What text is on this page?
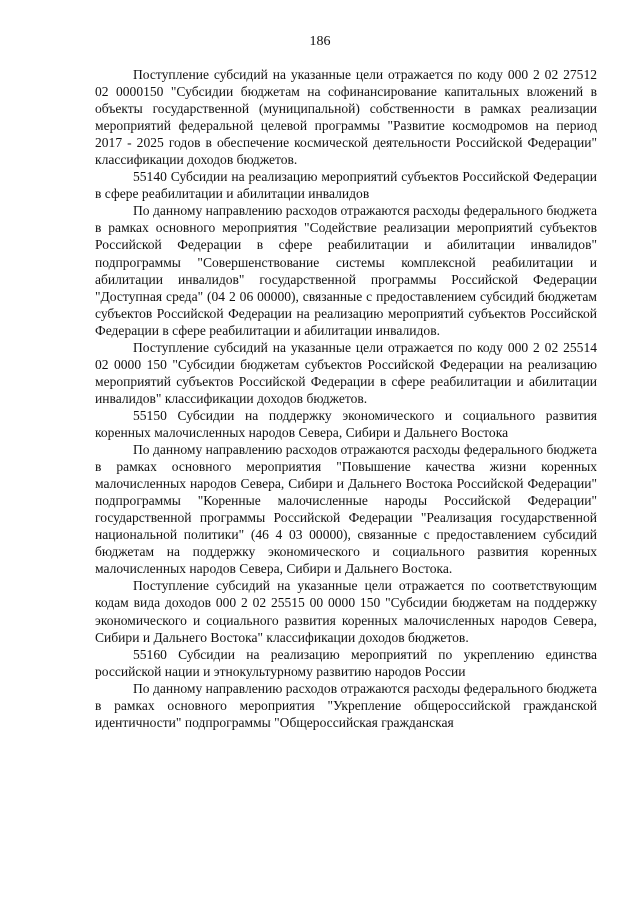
186

Поступление субсидий на указанные цели отражается по коду 000 2 02 27512 02 0000150 "Субсидии бюджетам на софинансирование капитальных вложений в объекты государственной (муниципальной) собственности в рамках реализации мероприятий федеральной целевой программы "Развитие космодромов на период 2017 - 2025 годов в обеспечение космической деятельности Российской Федерации" классификации доходов бюджетов.

55140 Субсидии на реализацию мероприятий субъектов Российской Федерации в сфере реабилитации и абилитации инвалидов

По данному направлению расходов отражаются расходы федерального бюджета в рамках основного мероприятия "Содействие реализации мероприятий субъектов Российской Федерации в сфере реабилитации и абилитации инвалидов" подпрограммы "Совершенствование системы комплексной реабилитации и абилитации инвалидов" государственной программы Российской Федерации "Доступная среда" (04 2 06 00000), связанные с предоставлением субсидий бюджетам субъектов Российской Федерации на реализацию мероприятий субъектов Российской Федерации в сфере реабилитации и абилитации инвалидов.

Поступление субсидий на указанные цели отражается по коду 000 2 02 25514 02 0000 150 "Субсидии бюджетам субъектов Российской Федерации на реализацию мероприятий субъектов Российской Федерации в сфере реабилитации и абилитации инвалидов" классификации доходов бюджетов.

55150 Субсидии на поддержку экономического и социального развития коренных малочисленных народов Севера, Сибири и Дальнего Востока

По данному направлению расходов отражаются расходы федерального бюджета в рамках основного мероприятия "Повышение качества жизни коренных малочисленных народов Севера, Сибири и Дальнего Востока Российской Федерации" подпрограммы "Коренные малочисленные народы Российской Федерации" государственной программы Российской Федерации "Реализация государственной национальной политики" (46 4 03 00000), связанные с предоставлением субсидий бюджетам на поддержку экономического и социального развития коренных малочисленных народов Севера, Сибири и Дальнего Востока.

Поступление субсидий на указанные цели отражается по соответствующим кодам вида доходов 000 2 02 25515 00 0000 150 "Субсидии бюджетам на поддержку экономического и социального развития коренных малочисленных народов Севера, Сибири и Дальнего Востока" классификации доходов бюджетов.

55160 Субсидии на реализацию мероприятий по укреплению единства российской нации и этнокультурному развитию народов России

По данному направлению расходов отражаются расходы федерального бюджета в рамках основного мероприятия "Укрепление общероссийской гражданской идентичности" подпрограммы "Общероссийская гражданская
